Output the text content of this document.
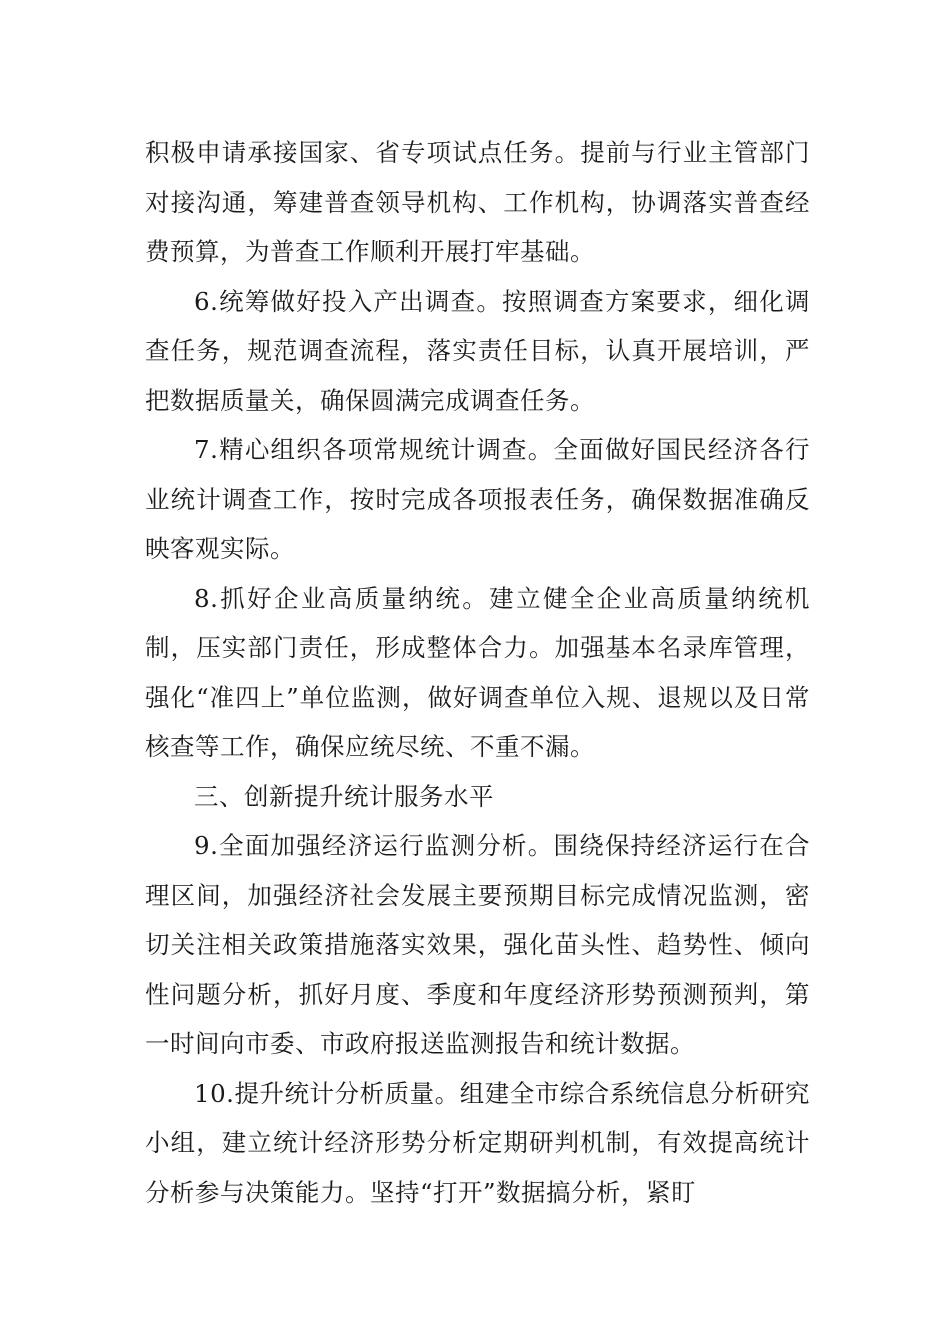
积极申请承接国家、省专项试点任务。提前与行业主管部门对接沟通，筹建普查领导机构、工作机构，协调落实普查经费预算，为普查工作顺利开展打牢基础。

6.统筹做好投入产出调查。按照调查方案要求，细化调查任务，规范调查流程，落实责任目标，认真开展培训，严把数据质量关，确保圆满完成调查任务。

7.精心组织各项常规统计调查。全面做好国民经济各行业统计调查工作，按时完成各项报表任务，确保数据准确反映客观实际。

8.抓好企业高质量纳统。建立健全企业高质量纳统机制，压实部门责任，形成整体合力。加强基本名录库管理，强化“准四上”单位监测，做好调查单位入规、退规以及日常核查等工作，确保应统尽统、不重不漏。

三、创新提升统计服务水平

9.全面加强经济运行监测分析。围绕保持经济运行在合理区间，加强经济社会发展主要预期目标完成情况监测，密切关注相关政策措施落实效果，强化苗头性、趋势性、倾向性问题分析，抓好月度、季度和年度经济形势预测预判，第一时间向市委、市政府报送监测报告和统计数据。

10.提升统计分析质量。组建全市综合系统信息分析研究小组，建立统计经济形势分析定期研判机制，有效提高统计分析参与决策能力。坚持“打开”数据搞分析，紧盯
